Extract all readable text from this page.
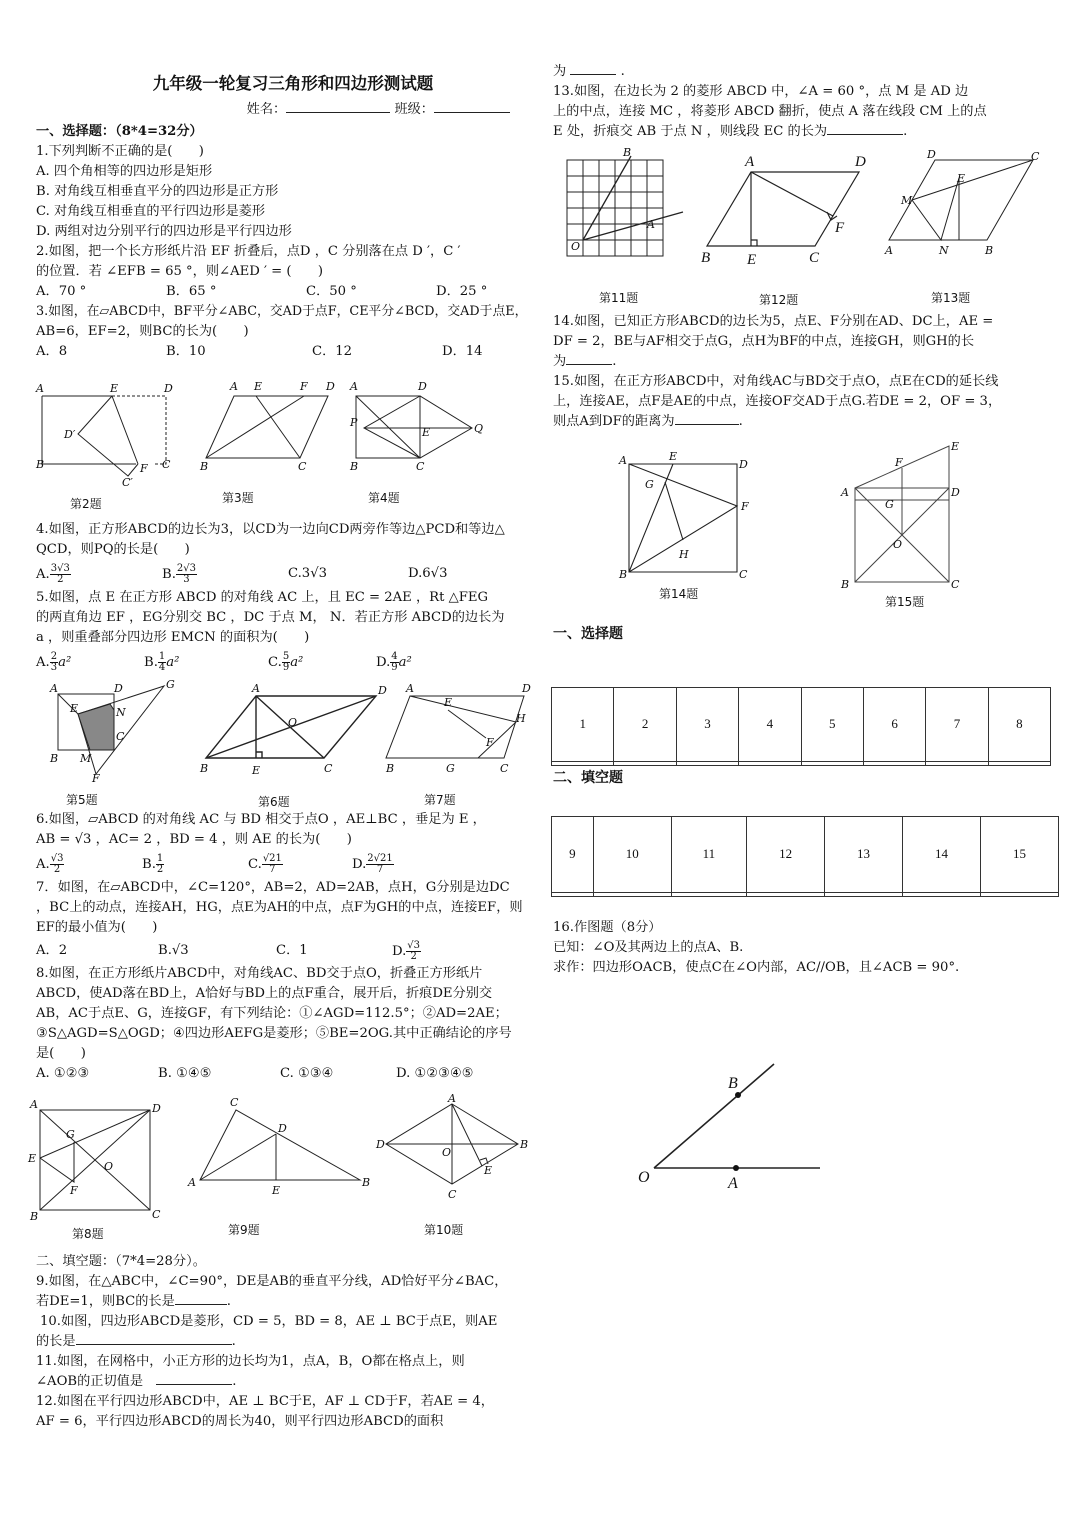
九年级一轮复习三角形和四边形测试题
姓名：	班级：
一、选择题：（8*4=32分）
1.下列判断不正确的是(　　)
A. 四个角相等的四边形是矩形
B. 对角线互相垂直平分的四边形是正方形
C. 对角线互相垂直的平行四边形是菱形
D. 两组对边分别平行的四边形是平行四边形
2.如图，把一个长方形纸片沿 EF 折叠后，点D ，C 分别落在点 D ′，C ′
的位置．若 ∠EFB = 65 °，则∠AED ′ = (　　)
A．70 °	B．65 °	C．50 °	D．25 °
3.如图，在▱ABCD中，BF平分∠ABC，交AD于点F，CE平分∠BCD，交AD于点E，
AB=6，EF=2，则BC的长为(　　)
A．8	B．10	C．12	D．14
A	E	D
D′
B	F C
C′
A E	F D
B	C
A	D
P	Q
E
B	C
第2题	第3题	第4题
4.如图，正方形ABCD的边长为3，以CD为一边向CD两旁作等边△PCD和等边△
QCD，则PQ的长是(　　)
A. $\frac{3√3}{2}$	B. $\frac{2√3}{3}$	C.3√3	D.6√3
5.如图，点 E 在正方形 ABCD 的对角线 AC 上，且 EC = 2AE ，Rt △FEG
的两直角边 EF ，EG分别交 BC ，DC 于点 M， N．若正方形 ABCD的边长为
a ，则重叠部分四边形 EMCN 的面积为(　　)
A. $\frac{2}{3} a^2$	B. $\frac{1}{4} a^2$	C. $\frac{5}{9} a^2$	D. $\frac{4}{9} a^2$
A	D	G
E	N
C
B M
F
A	D
O
B	E	C
A	D
E
H
F
B	G	C
第5题	第6题	第7题
6.如图，▱ABCD 的对角线 AC 与 BD 相交于点O ，AE⊥BC ，垂足为 E ，
AB = √3 ，AC= 2 ，BD = 4 ，则 AE 的长为(　　)
A. $\frac{√3}{2}$	B. $\frac{1}{2}$	C. $\frac{√21}{7}$	D. $\frac{2√21}{7}$
7．如图，在▱ABCD中，∠C=120°，AB=2，AD=2AB，点H，G分别是边DC
，BC上的动点，连接AH，HG，点E为AH的中点，点F为GH的中点，连接EF，则
EF的最小值为(　　)
A．2	B.√3	C．1	D. $\frac{√3}{2}$
8.如图，在正方形纸片ABCD中，对角线AC、BD交于点O，折叠正方形纸片
ABCD，使AD落在BD上，A恰好与BD上的点F重合，展开后，折痕DE分别交
AB，AC于点E、G，连接GF，有下列结论：①∠AGD=112.5°；②AD=2AE；
③S△AGD=S△OGD；④四边形AEFG是菱形；⑤BE=2OG.其中正确结论的序号
是(　　)
A. ①②③	B. ①④⑤	C. ①③④	D. ①②③④⑤
A	D
G
E
O
F
B	C
C
D
A
E
B
A
D
O
B
E
C
第8题	第9题	第10题
二、填空题：（7*4=28分）。
9.如图，在△ABC中，∠C=90°，DE是AB的垂直平分线，AD恰好平分∠BAC，
若DE=1，则BC的长是	.
10.如图，四边形ABCD是菱形，CD = 5，BD = 8，AE ⊥ BC于点E，则AE
的长是	.
11.如图，在网格中，小正方形的边长均为1，点A，B，O都在格点上，则
∠AOB的正切值是　	.
12.如图在平行四边形ABCD中，AE ⊥ BC于E，AF ⊥ CD于F，若AE = 4，
AF = 6，平行四边形ABCD的周长为40，则平行四边形ABCD的面积
为	.
13.如图，在边长为 2 的菱形 ABCD 中，∠A = 60 °，点 M 是 AD 边
上的中点，连接 MC ，将菱形 ABCD 翻折，使点 A 落在线段 CM 上的点
E 处，折痕交 AB 于点 N ，则线段 EC 的长为	.
B
A
O
A	D
F
B E	C
D	C
E
M
A	N	B
第11题	第12题	第13题
14.如图，已知正方形ABCD的边长为5，点E、F分别在AD、DC上，AE =
DF = 2，BE与AF相交于点G，点H为BF的中点，连接GH，则GH的长
为	.
15.如图，在正方形ABCD中，对角线AC与BD交于点O，点E在CD的延长线
上，连接AE，点F是AE的中点，连接OF交AD于点G.若DE = 2，OF = 3，
则点A到DF的距离为	.
A	E
D
G
F
H
B	C
A
F
E
D
G
O
B	C
第14题
第15题
一、选择题
1	2	3	4	5	6	7	8

二、填空题
9	10	11	12	13	14	15

16.作图题（8分）
已知：∠O及其两边上的点A、B.
求作：四边形OACB，使点C在∠O内部，AC∕∕OB，且∠ACB = 90°.
O
B
A
